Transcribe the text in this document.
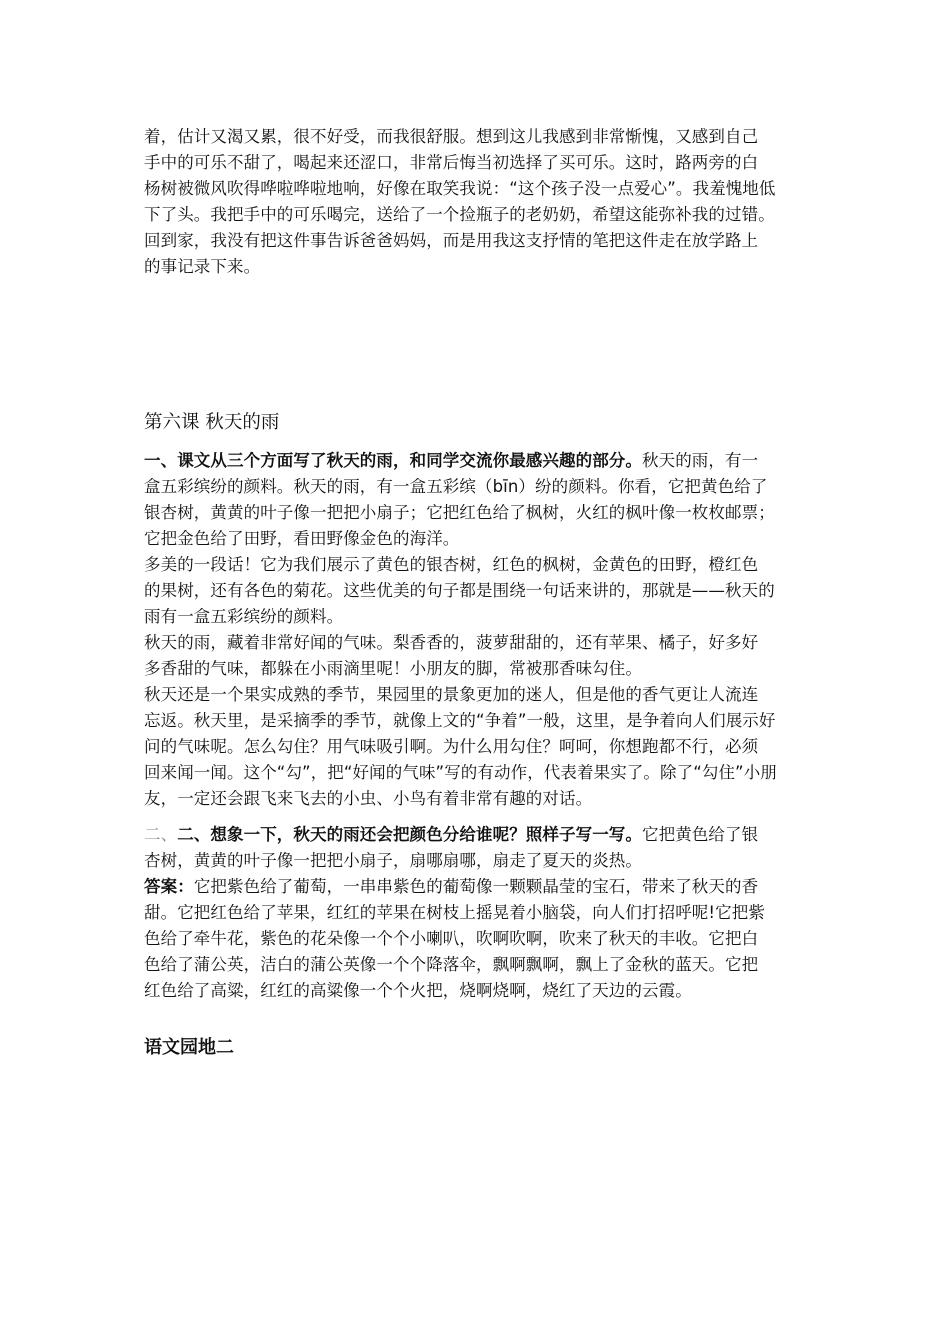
着，估计又渴又累，很不好受，而我很舒服。想到这儿我感到非常惭愧，又感到自己
手中的可乐不甜了，喝起来还涩口，非常后悔当初选择了买可乐。这时，路两旁的白
杨树被微风吹得哗啦哗啦地响，好像在取笑我说：“这个孩子没一点爱心”。我羞愧地低
下了头。我把手中的可乐喝完，送给了一个捡瓶子的老奶奶，希望这能弥补我的过错。
回到家，我没有把这件事告诉爸爸妈妈，而是用我这支抒情的笔把这件走在放学路上
的事记录下来。
第六课 秋天的雨
一、课文从三个方面写了秋天的雨，和同学交流你最感兴趣的部分。秋天的雨，有一
盒五彩缤纷的颜料。秋天的雨，有一盒五彩缤（bīn）纷的颜料。你看，它把黄色给了
银杏树，黄黄的叶子像一把把小扇子；它把红色给了枫树，火红的枫叶像一枚枚邮票；
它把金色给了田野，看田野像金色的海洋。
多美的一段话！它为我们展示了黄色的银杏树，红色的枫树，金黄色的田野，橙红色
的果树，还有各色的菊花。这些优美的句子都是围绕一句话来讲的，那就是——秋天的
雨有一盒五彩缤纷的颜料。
秋天的雨，藏着非常好闻的气味。梨香香的，菠萝甜甜的，还有苹果、橘子，好多好
多香甜的气味，都躲在小雨滴里呢！小朋友的脚，常被那香味勾住。
秋天还是一个果实成熟的季节，果园里的景象更加的迷人，但是他的香气更让人流连
忘返。秋天里，是采摘季的季节，就像上文的“争着”一般，这里，是争着向人们展示好
问的气味呢。怎么勾住？用气味吸引啊。为什么用勾住？呵呵，你想跑都不行，必须
回来闻一闻。这个“勾”，把“好闻的气味”写的有动作，代表着果实了。除了“勾住”小朋
友，一定还会跟飞来飞去的小虫、小鸟有着非常有趣的对话。
二、二、想象一下，秋天的雨还会把颜色分给谁呢？照样子写一写。它把黄色给了银
杏树，黄黄的叶子像一把把小扇子，扇哪扇哪，扇走了夏天的炎热。
答案：它把紫色给了葡萄，一串串紫色的葡萄像一颗颗晶莹的宝石，带来了秋天的香
甜。它把红色给了苹果，红红的苹果在树枝上摇晃着小脑袋，向人们打招呼呢!它把紫
色给了牵牛花，紫色的花朵像一个个小喇叭，吹啊吹啊，吹来了秋天的丰收。它把白
色给了蒲公英，洁白的蒲公英像一个个降落伞，飘啊飘啊，飘上了金秋的蓝天。它把
红色给了高粱，红红的高粱像一个个火把，烧啊烧啊，烧红了天边的云霞。
语文园地二
